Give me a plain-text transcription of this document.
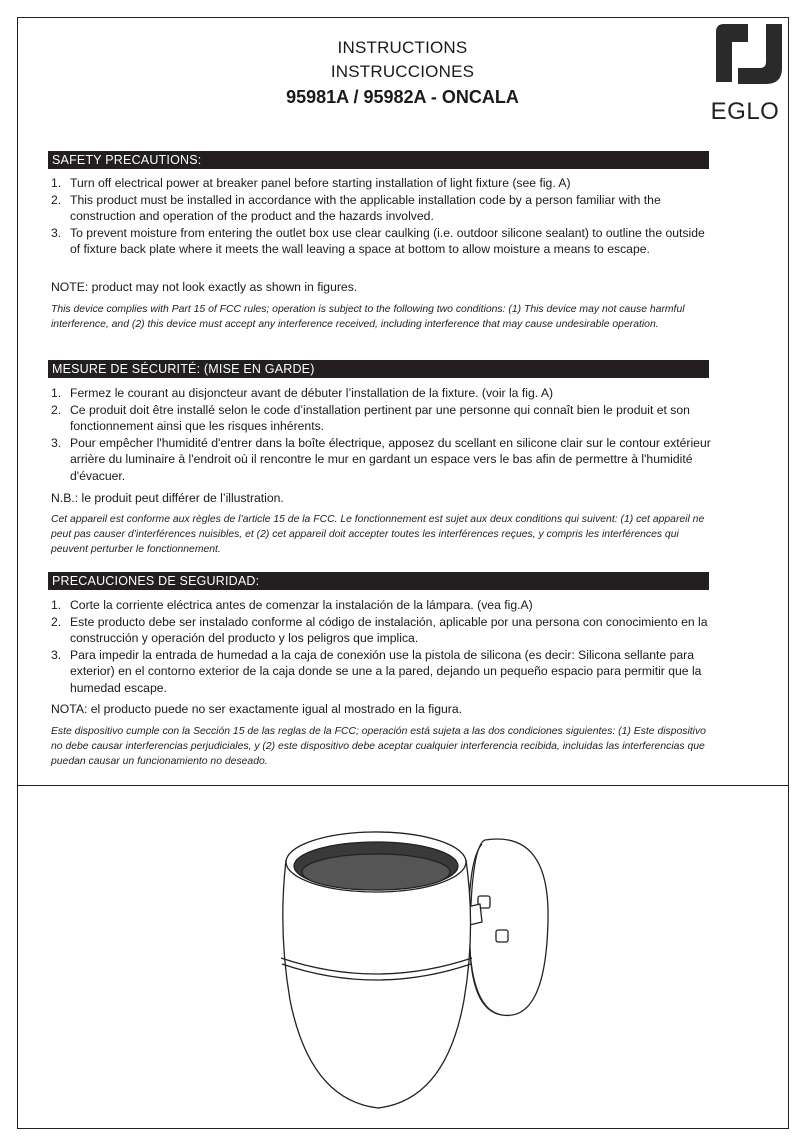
INSTRUCTIONS
INSTRUCCIONES
95981A / 95982A - ONCALA
EGLO
SAFETY PRECAUTIONS:
1. Turn off electrical power at breaker panel before starting installation of light fixture (see fig. A)
2. This product must be installed in accordance with the applicable installation code by a person familiar with the construction and operation of the product and the hazards involved.
3. To prevent moisture from entering the outlet box use clear caulking (i.e. outdoor silicone sealant) to outline the outside of fixture back plate where it meets the wall leaving a space at bottom to allow moisture a means to escape.
NOTE: product may not look exactly as shown in figures.
This device complies with Part 15 of FCC rules; operation is subject to the following two conditions: (1) This device may not cause harmful interference, and (2) this device must accept any interference received, including interference that may cause undesirable operation.
MESURE DE SÉCURITÉ: (MISE EN GARDE)
1. Fermez le courant au disjoncteur avant de débuter l’installation de la fixture. (voir la fig. A)
2. Ce produit doit être installé selon le code d’installation pertinent par une personne qui connaît bien le produit et son fonctionnement ainsi que les risques inhérents.
3. Pour empêcher l'humidité d'entrer dans la boîte électrique, apposez du scellant en silicone clair sur le contour extérieur arrière du luminaire à l'endroit où il rencontre le mur en gardant un espace vers le bas afin de permettre à l'humidité d'évacuer.
N.B.: le produit peut différer de l’illustration.
Cet appareil est conforme aux règles de l’article 15 de la FCC. Le fonctionnement est sujet aux deux conditions qui suivent: (1) cet appareil ne peut pas causer d’interférences nuisibles, et (2) cet appareil doit accepter toutes les interférences reçues, y compris les interférences qui peuvent perturber le fonctionnement.
PRECAUCIONES DE SEGURIDAD:
1. Corte la corriente eléctrica antes de comenzar la instalación de la lámpara. (vea fig.A)
2. Este producto debe ser instalado conforme al código de instalación, aplicable por una persona con conocimiento en la construcción y operación del producto y los peligros que implica.
3. Para impedir la entrada de humedad a la caja de conexión use la pistola de silicona (es decir: Silicona sellante para exterior) en el contorno exterior de la caja donde se une a la pared, dejando un pequeño espacio para permitir que la humedad escape.
NOTA: el producto puede no ser exactamente igual al mostrado en la figura.
Este dispositivo cumple con la Sección 15 de las reglas de la FCC; operación está sujeta a las dos condiciones siguientes: (1) Este dispositivo no debe causar interferencias perjudiciales, y (2) este dispositivo debe aceptar cualquier interferencia recibida, incluidas las interferencias que puedan causar un funcionamiento no deseado.
